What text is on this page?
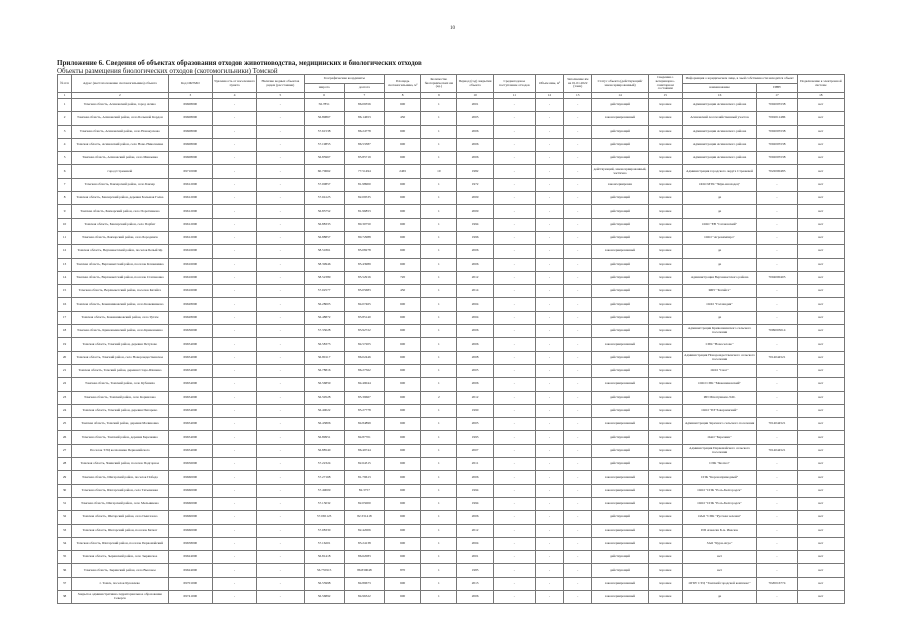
10
Приложение 6. Сведения об объектах образования отходов животноводства, медицинских и биологических отходов
Объекты размещения биологических отходов (скотомогильники) Томской
№ п/п	Адрес (местоположение скотомогильника) объекта	Код ОКТМО	Удаленность от населенного пункта	Наличие водных объектов рядом (расстояние)	Географические координаты		Площадь скотомогильника, м²	Количество биотермических ям (ед.)	Период (год) закрытия объекта	Среднегодовое поступление отходов	Объем ямы, м³	Заполнение ям на 01.01.2022 (тонн)	Статус объекта (действующий/законсервированный)	Сведения о ветеринарно-санитарном состоянии	Информация о юридическом лице, в чьей собственности находится объект		Подключение к электронной системе
					широта	долгота									наименование	ИНН	
1	2	3	4	5	6	7	8	9	10	11	12	13	14	15	16	17	18
1	Томская область, Асиновский район, город Асино	69608000	-	-	56.7851	86.09356	600	1	2001	-	-	-	действующий	хорошее	Администрация Асиновского района	7002005538	нет
2	Томская область, Асиновский район, село Большой Кордон	69608000	-	-	56.89867	86.14653	450	1	2005	-	-	-	законсервированный	хорошее	Асиновский лесохозяйственный участок	7002011486	нет
3	Томская область, Асиновский район, село Новокусково	69608000	-	-	57.61538	86.24778	600	1	2006	-	-	-	действующий	хорошее	Администрация Асиновского района	7002005538	нет
4	Томская область, Асиновский район, село Ново-Николаевка	69608000	-	-	57.19855	86.53387	600	1	2006	-	-	-	действующий	хорошее	Администрация Асиновского района	7002005538	нет
5	Томская область, Асиновский район, село Минаевка	69608000	-	-	56.85967	85.85719	600	1	2006	-	-	-	действующий	хорошее	Администрация Асиновского района	7002005538	нет
6	город Стрежевой	69710000	-	-	60.70662	77.51494	2465	10	1982	-	-	-	действующий, законсервированный, частично	хорошее	Администрация городского округа Стрежевой	7022000485	нет
7	Томская область, Бакчарский район, село Бакчар	69612000	-	-	57.00857	81.98900	600	1	1972	-	-	-	законсервирован	хорошее	ООО МТК "Чёрн-иноходец"	-	нет
8	Томская область, Бакчарский район, деревня Большая Галка	69612000	-	-	57.04125	82.09535	600	1	2009	-	-	-	действующий	хорошее	да	-	нет
9	Томская область, Бакчарский район, село Поротниково	69612000	-	-	56.85752	81.96853	600	1	2009	-	-	-	действующий	хорошее	да	-	нет
10	Томская область, Бакчарский район, село Парбиг	69612000	-	-	56.88333	80.30750	600	1	1994	-	-	-	действующий	хорошее	ООО "ЕВ "Сахновский"	-	нет
11	Томская область, Бакчарский район, село Бородинск	69612000	-	-	56.88857	80.72988	600	1	1996	-	-	-	действующий	хорошее	ООО "Агровампиро"	-	нет
12	Томская область, Верхнекетский район, поселок Белый Яр	69616000	-	-	58.51861	85.08278	600	1	2006	-	-	-	законсервированный	хорошее	да	-	нет
13	Томская область, Верхнекетский район, поселок Клюквинка	69616000	-	-	58.39946	85.43989	600	1	2006	-	-	-	действующий	хорошее	да	-	нет
14	Томская область, Верхнекетский район, поселок Степановка	69616000	-	-	58.52389	85.52916	720	1	2012	-	-	-	действующий	хорошее	Администрация Верхнекетского района	7004000405	нет
15	Томская область, Верхнекетский район, поселок Катайга	69616000	-	-	57.02577	85.05683	450	1	2014	-	-	-	действующий	хорошее	ФБУ "Катайга"	-	нет
16	Томская область, Кожевниковский район, село Кожевниково	69628000	-	-	56.28005	84.07465	600	1	2004	-	-	-	действующий	хорошее	ООО "Голландия"	-	нет
17	Томская область, Кожевниковский район, село Уртам	69628000	-	-	56.48872	83.85140	600	1	2004	-	-	-	действующий	хорошее	да	-	нет
18	Томская область, Кривошеинский район, село Кривошеино	69636000	-	-	57.33028	83.92722	600	1	2006	-	-	-	действующий	хорошее	Администрация Кривошеинского сельского поселения	7009003014	нет
19	Томская область, Томский район, деревня Петухово	69654000	-	-	56.58373	84.57205	600	1	2006	-	-	-	законсервированный	хорошее	СПК "Новоселово"	-	нет
20	Томская область, Томский район, село Новорождественское	69654000	-	-	56.80117	86.02446	600	1	2008	-	-	-	действующий	хорошее	Администрация Новорождественского сельского поселения	7014044521	нет
21	Томская область, Томский район, деревня Старо-Шешево	69654000	-	-	56.78816	86.27562	600	1	2005	-	-	-	действующий	хорошее	ООО "Сиаг"	-	нет
22	Томская область, Томский район, село Кубаниха	69654000	-	-	56.56859	84.49044	600	1	2006	-	-	-	законсервированный	хорошее	ООО СПК "Межениновский"	-	нет
23	Томская область, Томский район, село Корнилово	69654000	-	-	56.59528	85.39667	600	2	2012	-	-	-	действующий	хорошее	ИП Игнатушкин Л.М.	-	нет
24	Томская область, Томский район, деревня Писарево	69654000	-	-	56.40022	85.27778	600	1	1990	-	-	-	действующий	хорошее	ООО "ПЗ"Заварзинский"	-	нет
25	Томская область, Томский район, деревня Малиновка	69654000	-	-	56.43806	84.84899	600	1	2005	-	-	-	законсервированный	хорошее	Администрация Заречного сельского поселения	7014044521	нет
26	Томская область, Томский район, деревня Березкино	69654000	-	-	56.89951	84.87701	600	1	1993	-	-	-	действующий	хорошее	ОАО "Березкин"	-	нет
27	Поселок ТЭЦ колхозника Первомайского	69654000	-	-	56.88540	86.49744	600	1	2007	-	-	-	действующий	хорошее	Администрация Первомайского сельского поселения	7014044521	нет
28	Томская область, Чаинский район, поселок Подгорное	69656000	-	-	57.22324	82.64315	600	1	2011	-	-	-	действующий	хорошее	СПК "Колхоз"	-	нет
29	Томская область, Шегарский район, поселок Победа	69660000	-	-	57.27168	81.79613	600	1	2006	-	-	-	законсервированный	хорошее	СПК "Коровоприводный"	-	нет
30	Томская область, Шегарский район, село Татьяновка	69660000	-	-	57.49009	82.3757	600	1	1994	-	-	-	законсервированный	хорошее	ООО "СПК "Рось-Белгородск"	-	нет
31	Томская область, Шегарский район, село Мельниково	69660000	-	-	57.15032	82.05000	600	1	1994	-	-	-	законсервированный	хорошее	ООО "СПК "Рось-Белгородск"	-	нет
32	Томская область, Шегарский район, село Гынгазово	69660000	-	-	57.065123	82.331418	600	1	2006	-	-	-	действующий	хорошее	ОАО "СПК "Русская зеленая"	-	нет
33	Томская область, Шегарский район, поселок Баткат	69660000	-	-	57.08330	82.42006	600	1	2012	-	-	-	законсервированный	хорошее	ИП Ахкасян Б.А. Ивасюк	-	нет
34	Томская область, Шегарский район, поселок Первомайский	69658000	-	-	57.16201	83.24138	600	1	2004	-	-	-	законсервированный	хорошее	ЗАО "Курн-Агро"	-	нет
35	Томская область, Зырянский район, село Зырянское	69624000	-	-	56.81418	86.62083	600	1	2001	-	-	-	действующий	хорошее	нет	-	нет
36	Томская область, Зырянский район, село Высокое	69624000	-	-	56.755915	86.839048	870	1	1985	-	-	-	действующий	хорошее	нет	-	нет
37	г. Томск, поселок Кузовлево	69701000	-	-	56.55998	84.89673	600	1	2013	-	-	-	законсервированный	хорошее	ОГБУ СТЦ "Томский городской комплекс"	7020016774	нет
38	Закрытое административно-территориальное образование Северск	69741000	-	-	56.56892	84.96322	600	1	2006	-	-	-	законсервированный	хорошее	да	-	нет
